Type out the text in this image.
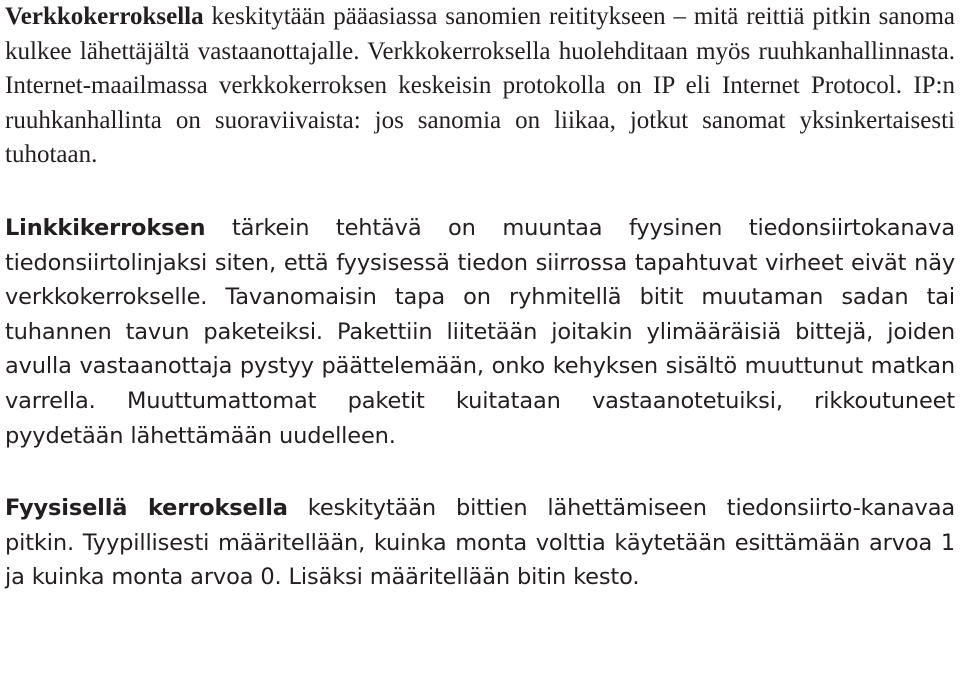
Verkkokerroksella keskitytään pääasiassa sanomien reititykseen – mitä reittiä pitkin sanoma kulkee lähettäjältä vastaanottajalle. Verkkokerroksella huolehditaan myös ruuhkanhallinnasta. Internet-maailmassa verkkokerroksen keskeisin protokolla on IP eli Internet Protocol. IP:n ruuhkanhallinta on suoraviivaista: jos sanomia on liikaa, jotkut sanomat yksinkertaisesti tuhotaan.

Linkkikerroksen tärkein tehtävä on muuntaa fyysinen tiedonsiirtokanava tiedonsiirtolinjaksi siten, että fyysisessä tiedon siirrossa tapahtuvat virheet eivät näy verkkokerrokselle. Tavanomaisin tapa on ryhmitellä bitit muutaman sadan tai tuhannen tavun paketeiksi. Pakettiin liitetään joitakin ylimääräisiä bittejä, joiden avulla vastaanottaja pystyy päättelemään, onko kehyksen sisältö muuttunut matkan varrella. Muuttumattomat paketit kuitataan vastaanotetuiksi, rikkoutuneet pyydetään lähettämään uudelleen.

Fyysisellä kerroksella keskitytään bittien lähettämiseen tiedonsiirto-kanavaa pitkin. Tyypillisesti määritellään, kuinka monta volttia käytetään esittämään arvoa 1 ja kuinka monta arvoa 0. Lisäksi määritellään bitin kesto.
